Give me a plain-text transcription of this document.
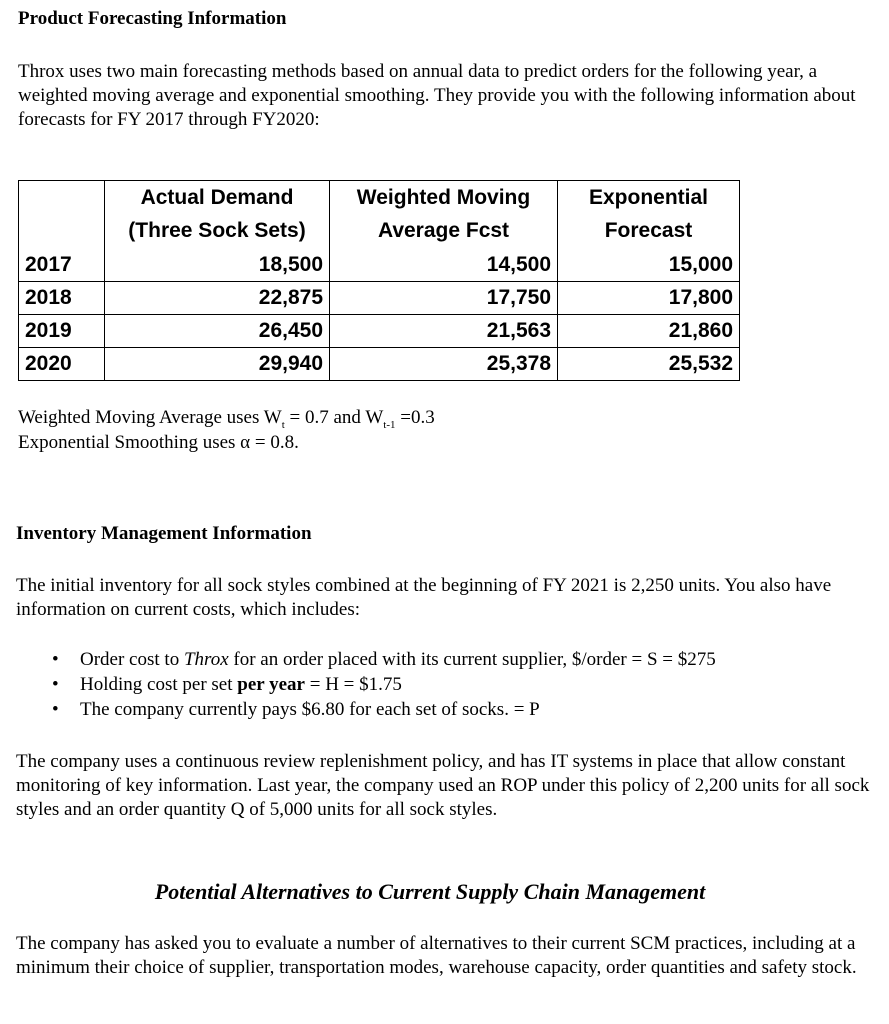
Product Forecasting Information
Throx uses two main forecasting methods based on annual data to predict orders for the following year, a weighted moving average and exponential smoothing. They provide you with the following information about forecasts for FY 2017 through FY2020:
	Actual Demand	Weighted Moving	Exponential
	(Three Sock Sets)	Average Fcst	Forecast
2017	18,500	14,500	15,000
2018	22,875	17,750	17,800
2019	26,450	21,563	21,860
2020	29,940	25,378	25,532
Weighted Moving Average uses $W_t = 0.7$ and $W_{t-1} =0.3$
Exponential Smoothing uses α = 0.8.
Inventory Management Information
The initial inventory for all sock styles combined at the beginning of FY 2021 is 2,250 units. You also have information on current costs, which includes:
• Order cost to Throx for an order placed with its current supplier, $/order = S = $275
• Holding cost per set per year = H = $1.75
• The company currently pays $6.80 for each set of socks. = P
The company uses a continuous review replenishment policy, and has IT systems in place that allow constant monitoring of key information. Last year, the company used an ROP under this policy of 2,200 units for all sock styles and an order quantity Q of 5,000 units for all sock styles.
Potential Alternatives to Current Supply Chain Management
The company has asked you to evaluate a number of alternatives to their current SCM practices, including at a minimum their choice of supplier, transportation modes, warehouse capacity, order quantities and safety stock.
